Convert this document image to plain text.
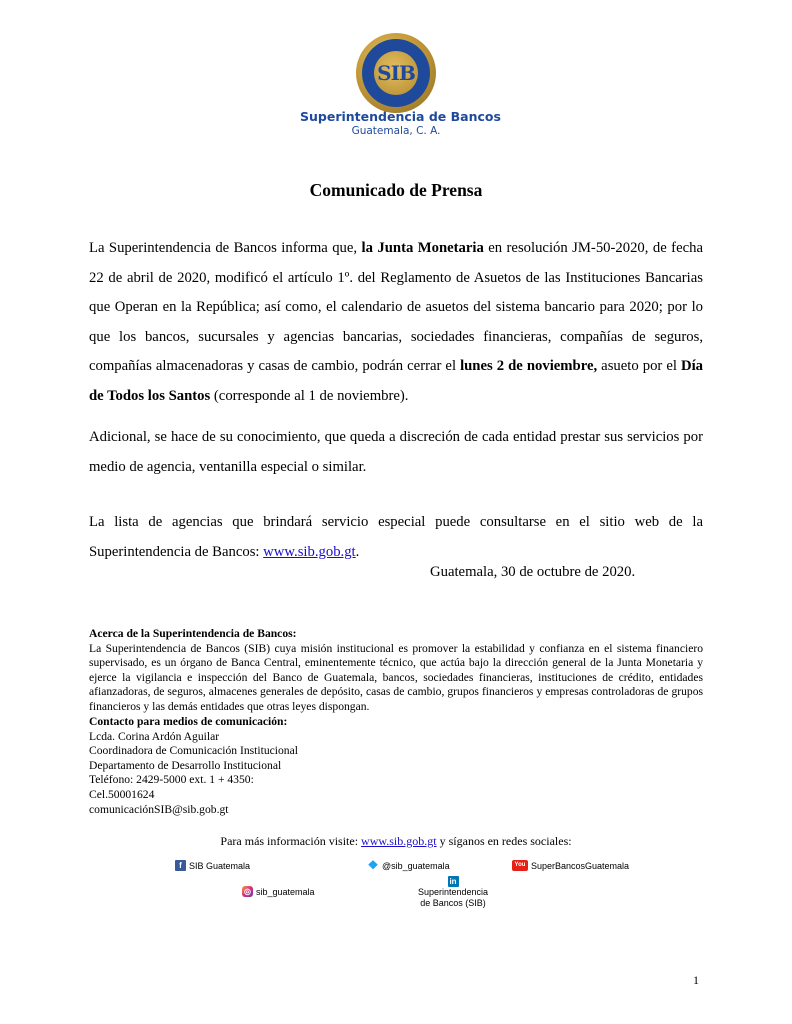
SIB
Superintendencia de Bancos
Guatemala, C. A.
Comunicado de Prensa
La Superintendencia de Bancos informa que, la Junta Monetaria en resolución JM-50-2020, de fecha 22 de abril de 2020, modificó el artículo 1º. del Reglamento de Asuetos de las Instituciones Bancarias que Operan en la República; así como, el calendario de asuetos del sistema bancario para 2020; por lo que los bancos, sucursales y agencias bancarias, sociedades financieras, compañías de seguros, compañías almacenadoras y casas de cambio, podrán cerrar el lunes 2 de noviembre, asueto por el Día de Todos los Santos (corresponde al 1 de noviembre).
Adicional, se hace de su conocimiento, que queda a discreción de cada entidad prestar sus servicios por medio de agencia, ventanilla especial o similar.
La lista de agencias que brindará servicio especial puede consultarse en el sitio web de la Superintendencia de Bancos: www.sib.gob.gt.
Guatemala, 30 de octubre de 2020.
Acerca de la Superintendencia de Bancos:
La Superintendencia de Bancos (SIB) cuya misión institucional es promover la estabilidad y confianza en el sistema financiero supervisado, es un órgano de Banca Central, eminentemente técnico, que actúa bajo la dirección general de la Junta Monetaria y ejerce la vigilancia e inspección del Banco de Guatemala, bancos, sociedades financieras, instituciones de crédito, entidades afianzadoras, de seguros, almacenes generales de depósito, casas de cambio, grupos financieros y empresas controladoras de grupos financieros y las demás entidades que otras leyes dispongan.
Contacto para medios de comunicación:
Lcda. Corina Ardón Aguilar
Coordinadora de Comunicación Institucional
Departamento de Desarrollo Institucional
Teléfono: 2429-5000 ext. 1 + 4350:
Cel.50001624
comunicaciónSIB@sib.gob.gt
Para más información visite: www.sib.gob.gt y síganos en redes sociales:
f SIB Guatemala	❖ @sib_guatemala	You SuperBancosGuatemala
◎ sib_guatemala
in
Superintendencia
de Bancos (SIB)
1
